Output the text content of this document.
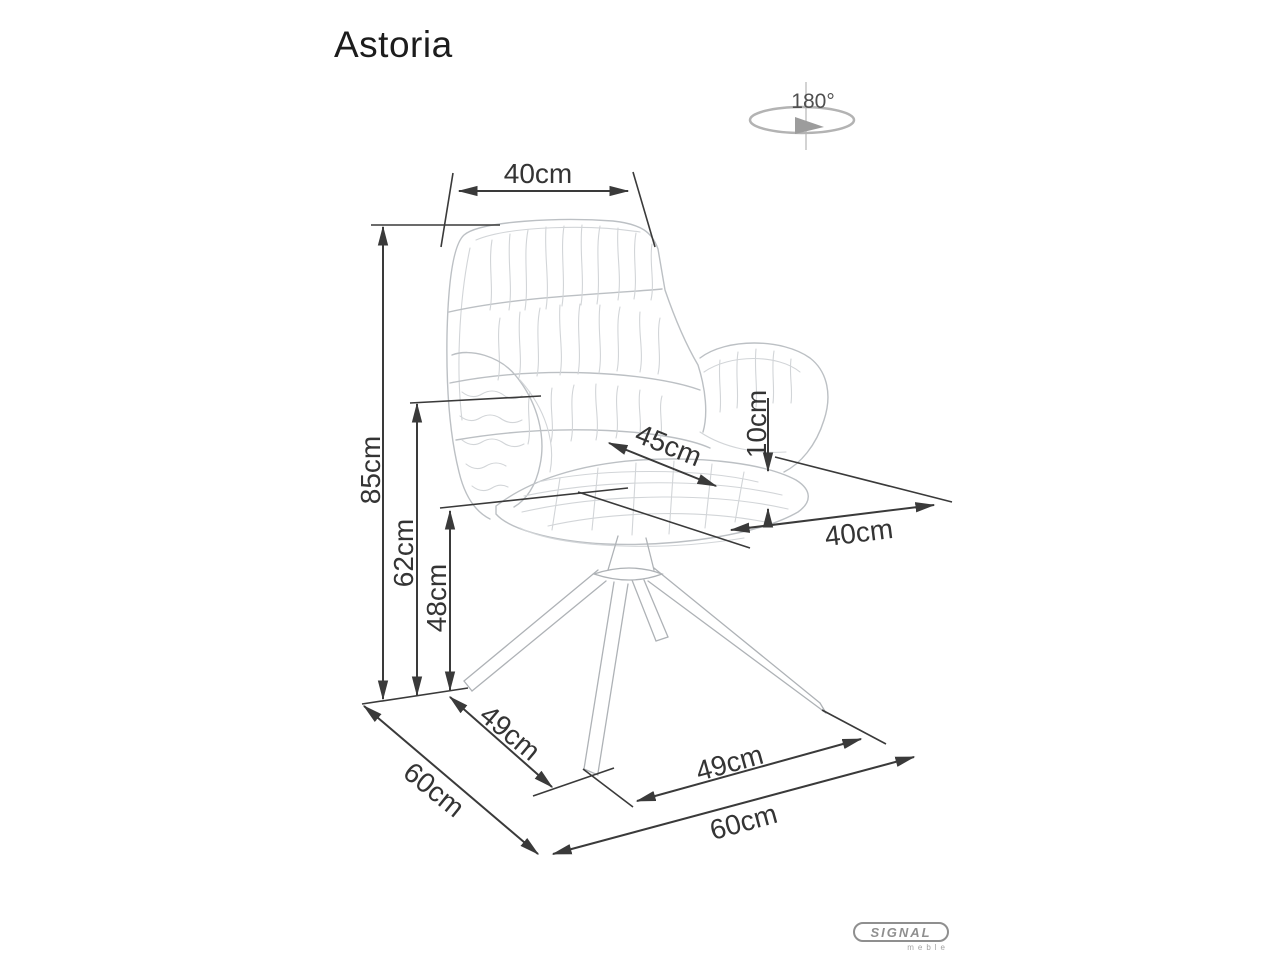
Astoria
180°
40cm
85cm
62cm
48cm
45cm 10cm
40cm
49cm
60cm	49cm
60cm
SIGNAL
meble
